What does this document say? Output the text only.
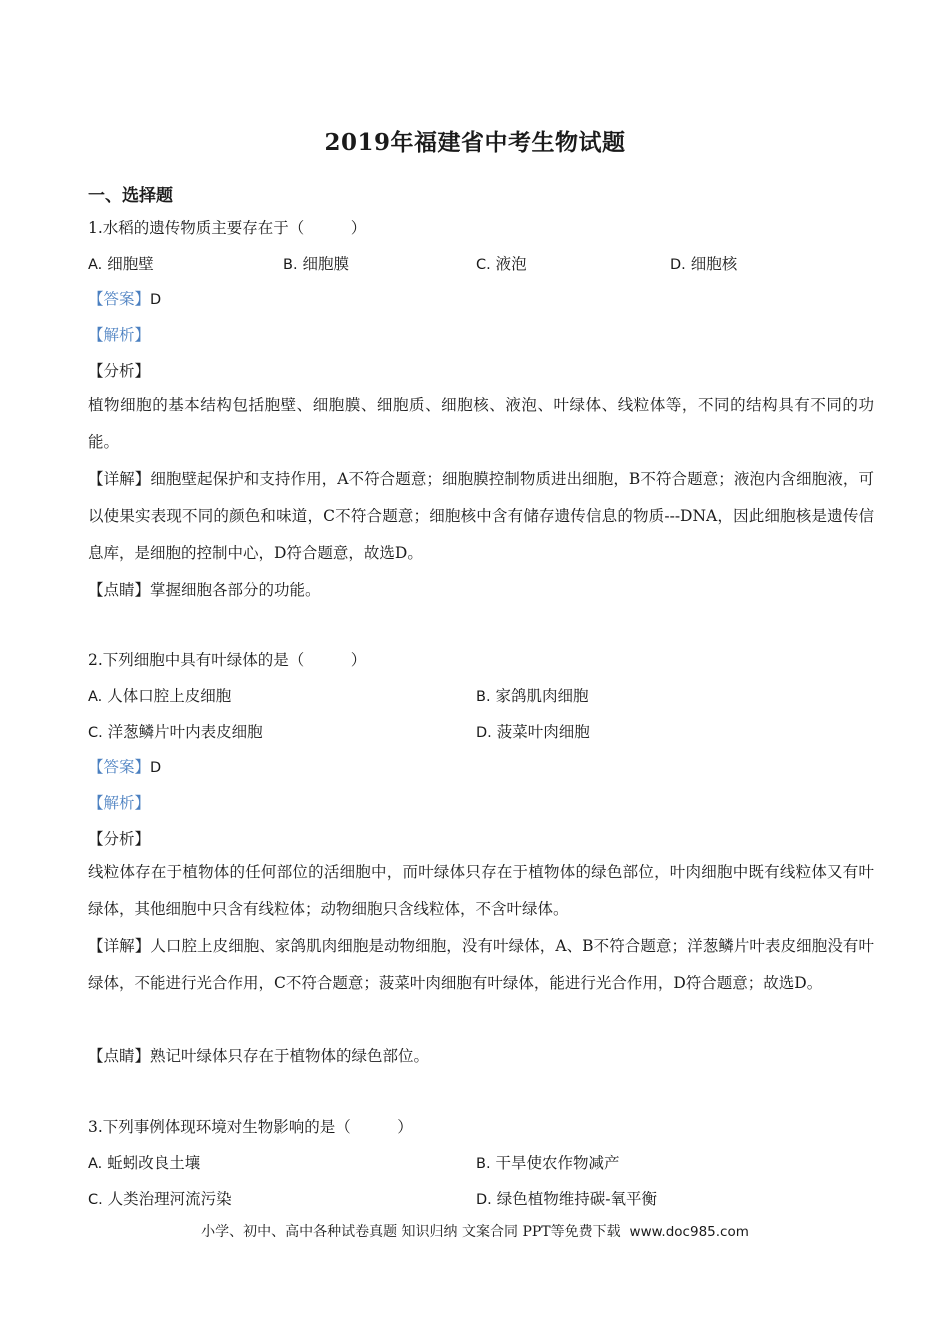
2019年福建省中考生物试题
一、选择题
1.水稻的遗传物质主要存在于（　　　）
A. 细胞壁	B. 细胞膜	C. 液泡	D. 细胞核
【答案】D
【解析】
【分析】
植物细胞的基本结构包括胞壁、细胞膜、细胞质、细胞核、液泡、叶绿体、线粒体等，不同的结构具有不同的功能。
【详解】细胞壁起保护和支持作用，A不符合题意；细胞膜控制物质进出细胞，B不符合题意；液泡内含细胞液，可以使果实表现不同的颜色和味道，C不符合题意；细胞核中含有储存遗传信息的物质---DNA，因此细胞核是遗传信息库，是细胞的控制中心，D符合题意，故选D。
【点睛】掌握细胞各部分的功能。
2.下列细胞中具有叶绿体的是（　　　）
A. 人体口腔上皮细胞	B. 家鸽肌肉细胞
C. 洋葱鳞片叶内表皮细胞	D. 菠菜叶肉细胞
【答案】D
【解析】
【分析】
线粒体存在于植物体的任何部位的活细胞中，而叶绿体只存在于植物体的绿色部位，叶肉细胞中既有线粒体又有叶绿体，其他细胞中只含有线粒体；动物细胞只含线粒体，不含叶绿体。
【详解】人口腔上皮细胞、家鸽肌肉细胞是动物细胞，没有叶绿体，A、B不符合题意；洋葱鳞片叶表皮细胞没有叶绿体，不能进行光合作用，C不符合题意；菠菜叶肉细胞有叶绿体，能进行光合作用，D符合题意；故选D。
【点睛】熟记叶绿体只存在于植物体的绿色部位。
3.下列事例体现环境对生物影响的是（　　　）
A. 蚯蚓改良土壤	B. 干旱使农作物减产
C. 人类治理河流污染	D. 绿色植物维持碳-氧平衡
小学、初中、高中各种试卷真题 知识归纳 文案合同 PPT等免费下载 www.doc985.com
